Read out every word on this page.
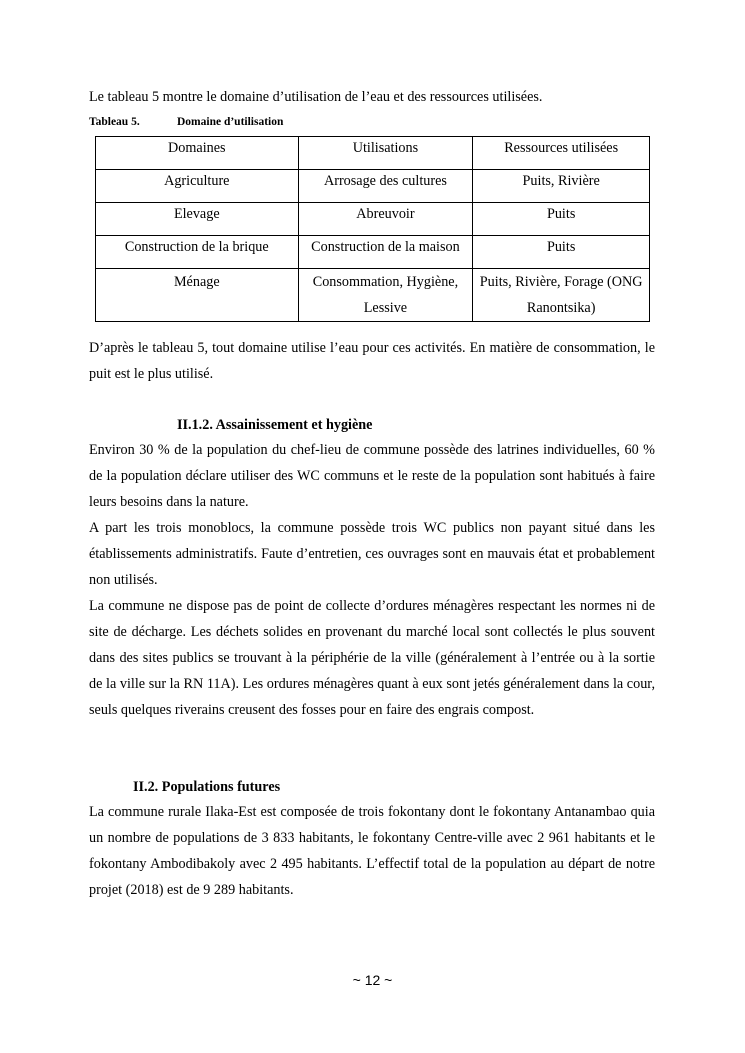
Le tableau 5 montre le domaine d’utilisation de l’eau et des ressources utilisées.

Tableau 5.	Domaine d’utilisation
Domaines	Utilisations	Ressources utilisées
Agriculture	Arrosage des cultures	Puits, Rivière
Elevage	Abreuvoir	Puits
Construction de la brique	Construction de la maison	Puits
Ménage	Consommation, Hygiène, Lessive	Puits, Rivière, Forage (ONG Ranontsika)

D’après le tableau 5, tout domaine utilise l’eau pour ces activités. En matière de consommation, le puit est le plus utilisé.

II.1.2. Assainissement et hygiène

Environ 30 % de la population du chef-lieu de commune possède des latrines individuelles, 60 % de la population déclare utiliser des WC communs et le reste de la population sont habitués à faire leurs besoins dans la nature.

A part les trois monoblocs, la commune possède trois WC publics non payant situé dans les établissements administratifs. Faute d’entretien, ces ouvrages sont en mauvais état et probablement non utilisés.

La commune ne dispose pas de point de collecte d’ordures ménagères respectant les normes ni de site de décharge. Les déchets solides en provenant du marché local sont collectés le plus souvent dans des sites publics se trouvant à la périphérie de la ville (généralement à l’entrée ou à la sortie de la ville sur la RN 11A). Les ordures ménagères quant à eux sont jetés généralement dans la cour, seuls quelques riverains creusent des fosses pour en faire des engrais compost.

II.2. Populations futures

La commune rurale Ilaka-Est est composée de trois fokontany dont le fokontany Antanambao quia un nombre de populations de 3 833 habitants, le fokontany Centre-ville avec 2 961 habitants et le fokontany Ambodibakoly avec 2 495 habitants. L’effectif total de la population au départ de notre projet (2018) est de 9 289 habitants.

~ 12 ~
